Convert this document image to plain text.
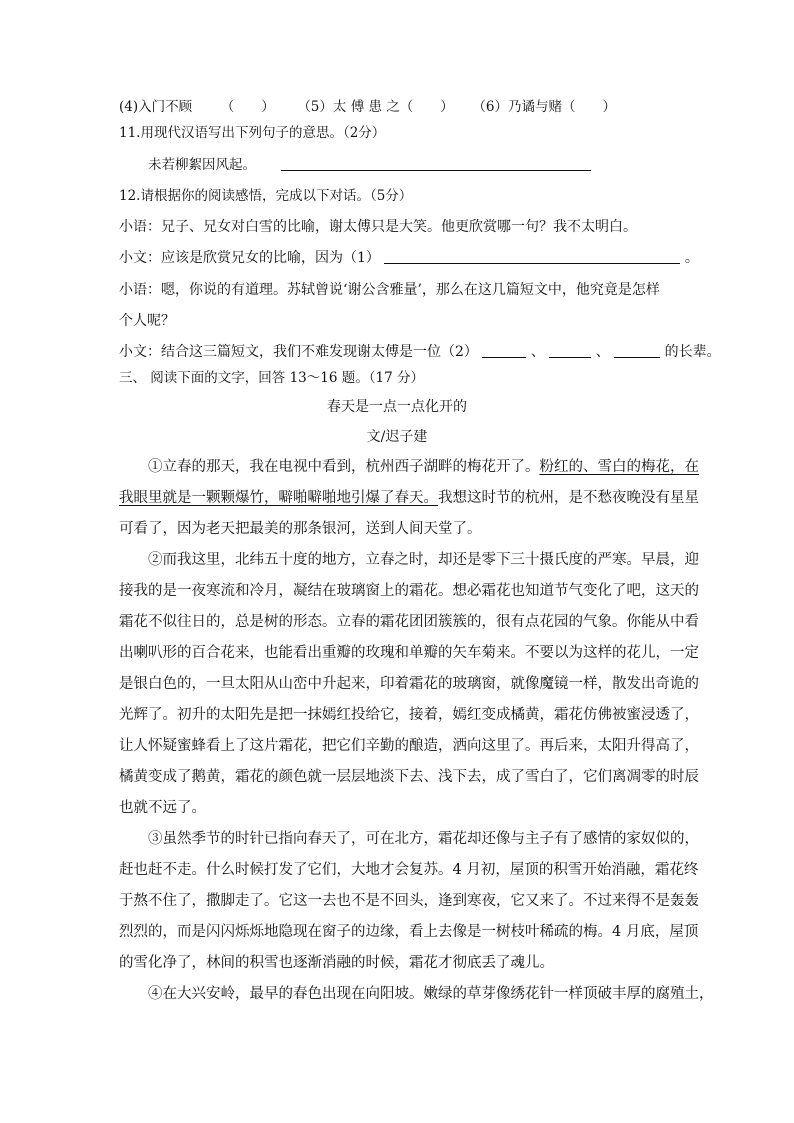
(4)入门不顾 （　　） （5）太 傅 患 之（　　） （6）乃谲与赌（　　）
11.用现代汉语写出下列句子的意思。（2分）
未若柳絮因风起。
12.请根据你的阅读感悟，完成以下对话。（5分）
小语：兄子、兄女对白雪的比喻，谢太傅只是大笑。他更欣赏哪一句？我不太明白。
小文：应该是欣赏兄女的比喻，因为（1）	。
小语：嗯，你说的有道理。苏轼曾说‘谢公含雅量’，那么在这几篇短文中，他究竟是怎样
个人呢？
小文：结合这三篇短文，我们不难发现谢太傅是一位（2）	、	、	的长辈。
三、 阅读下面的文字，回答 13～16 题。（17 分）
春天是一点一点化开的
文/迟子建
①立春的那天，我在电视中看到，杭州西子湖畔的梅花开了。粉红的、雪白的梅花，在
我眼里就是一颗颗爆竹，噼啪噼啪地引爆了春天。我想这时节的杭州，是不愁夜晚没有星星
可看了，因为老天把最美的那条银河，送到人间天堂了。
②而我这里，北纬五十度的地方，立春之时，却还是零下三十摄氏度的严寒。早晨，迎
接我的是一夜寒流和冷月，凝结在玻璃窗上的霜花。想必霜花也知道节气变化了吧，这天的
霜花不似往日的，总是树的形态。立春的霜花团团簇簇的，很有点花园的气象。你能从中看
出喇叭形的百合花来，也能看出重瓣的玫瑰和单瓣的矢车菊来。不要以为这样的花儿，一定
是银白色的，一旦太阳从山峦中升起来，印着霜花的玻璃窗，就像魔镜一样，散发出奇诡的
光辉了。初升的太阳先是把一抹嫣红投给它，接着，嫣红变成橘黄，霜花仿佛被蜜浸透了，
让人怀疑蜜蜂看上了这片霜花，把它们辛勤的酿造，洒向这里了。再后来，太阳升得高了，
橘黄变成了鹅黄，霜花的颜色就一层层地淡下去、浅下去，成了雪白了，它们离凋零的时辰
也就不远了。
③虽然季节的时针已指向春天了，可在北方，霜花却还像与主子有了感情的家奴似的，
赶也赶不走。什么时候打发了它们，大地才会复苏。4 月初，屋顶的积雪开始消融，霜花终
于熬不住了，撒脚走了。它这一去也不是不回头，逢到寒夜，它又来了。不过来得不是轰轰
烈烈的，而是闪闪烁烁地隐现在窗子的边缘，看上去像是一树枝叶稀疏的梅。4 月底，屋顶
的雪化净了，林间的积雪也逐渐消融的时候，霜花才彻底丢了魂儿。
④在大兴安岭，最早的春色出现在向阳坡。嫩绿的草芽像绣花针一样顶破丰厚的腐殖土，
